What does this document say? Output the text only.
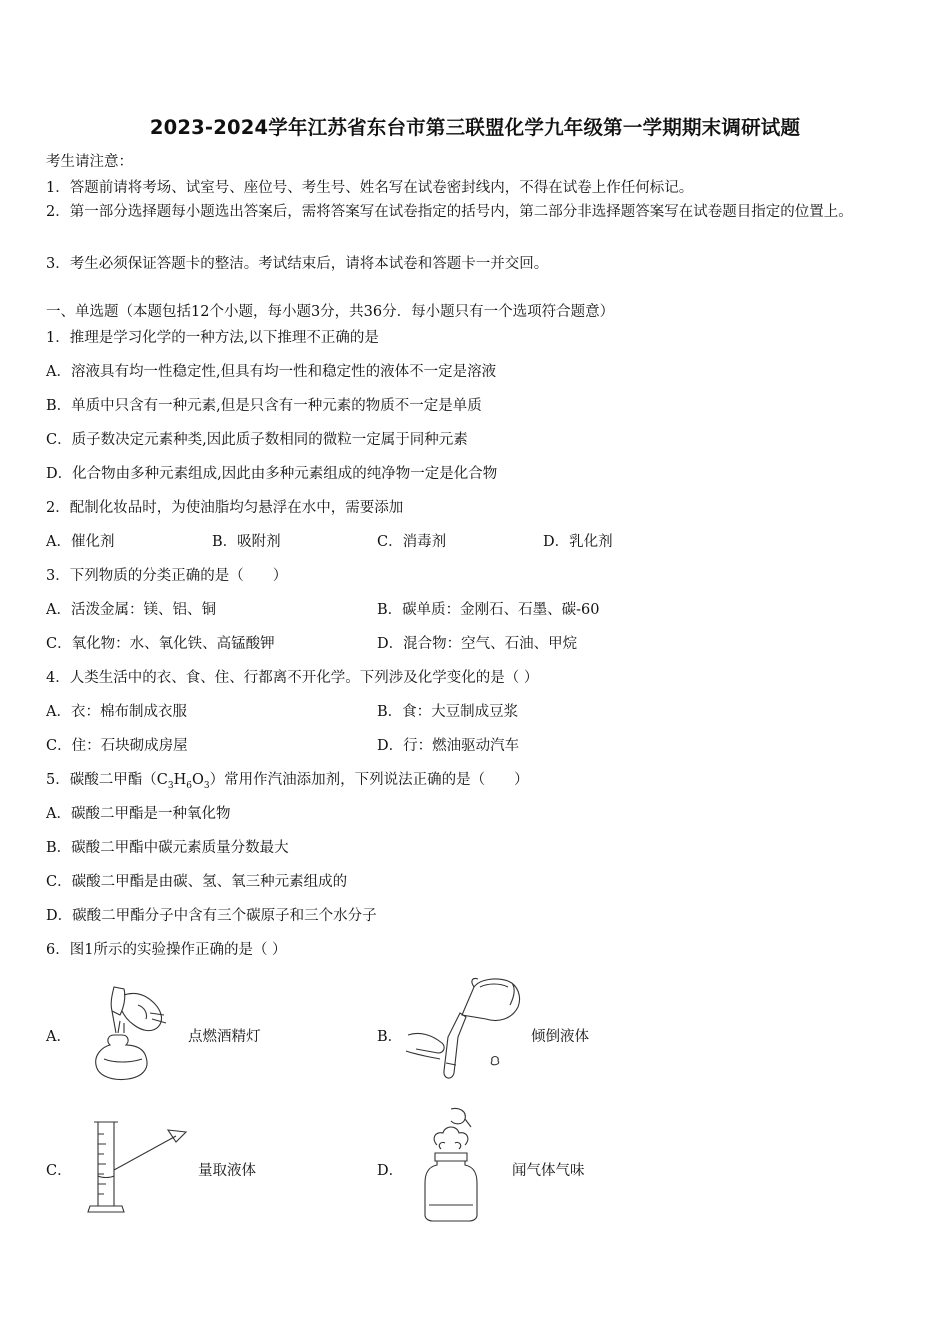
2023-2024学年江苏省东台市第三联盟化学九年级第一学期期末调研试题
考生请注意：
1．答题前请将考场、试室号、座位号、考生号、姓名写在试卷密封线内，不得在试卷上作任何标记。
2．第一部分选择题每小题选出答案后，需将答案写在试卷指定的括号内，第二部分非选择题答案写在试卷题目指定的位置上。
3．考生必须保证答题卡的整洁。考试结束后，请将本试卷和答题卡一并交回。
一、单选题（本题包括12个小题，每小题3分，共36分．每小题只有一个选项符合题意）
1．推理是学习化学的一种方法,以下推理不正确的是
A．溶液具有均一性稳定性,但具有均一性和稳定性的液体不一定是溶液
B．单质中只含有一种元素,但是只含有一种元素的物质不一定是单质
C．质子数决定元素种类,因此质子数相同的微粒一定属于同种元素
D．化合物由多种元素组成,因此由多种元素组成的纯净物一定是化合物
2．配制化妆品时，为使油脂均匀悬浮在水中，需要添加
A．催化剂	B．吸附剂	C．消毒剂	D．乳化剂
3．下列物质的分类正确的是（　　）
A．活泼金属：镁、铝、铜	B．碳单质：金刚石、石墨、碳-60
C．氧化物：水、氧化铁、高锰酸钾	D．混合物：空气、石油、甲烷
4．人类生活中的衣、食、住、行都离不开化学。下列涉及化学变化的是（ ）
A．衣：棉布制成衣服	B．食：大豆制成豆浆
C．住：石块砌成房屋	D．行：燃油驱动汽车
5．碳酸二甲酯$(C_3H_6O_3)$常用作汽油添加剂，下列说法正确的是（　　）
A．碳酸二甲酯是一种氧化物
B．碳酸二甲酯中碳元素质量分数最大
C．碳酸二甲酯是由碳、氢、氧三种元素组成的
D．碳酸二甲酯分子中含有三个碳原子和三个水分子
6．图1所示的实验操作正确的是（ ）
A．	点燃酒精灯	B．	倾倒液体
C．	量取液体	D．	闻气体气味
